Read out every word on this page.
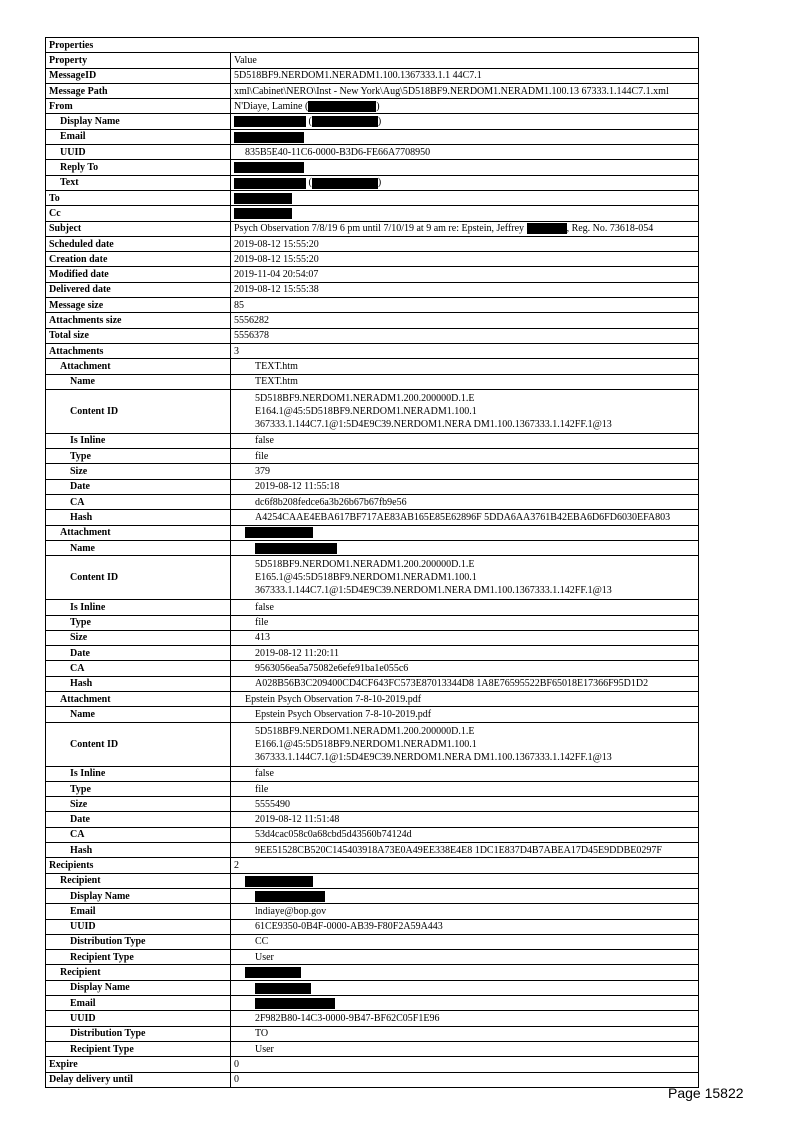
Properties	
Property	Value
MessageID	5D518BF9.NERDOM1.NERADM1.100.1367333.1.1 44C7.1
Message Path	xml\Cabinet\NERO\Inst - New York\Aug\5D518BF9.NERDOM1.NERADM1.100.13 67333.1.144C7.1.xml
From	N'Diaye, Lamine ( )
Display Name	( )
Email	
UUID	835B5E40-11C6-0000-B3D6-FE66A7708950
Reply To	
Text	( )
To	
Cc	
Subject	Psych Observation 7/8/19 6 pm until 7/10/19 at 9 am re: Epstein, Jeffrey , Reg. No. 73618-054
Scheduled date	2019-08-12 15:55:20
Creation date	2019-08-12 15:55:20
Modified date	2019-11-04 20:54:07
Delivered date	2019-08-12 15:55:38
Message size	85
Attachments size	5556282
Total size	5556378
Attachments	3
Attachment	TEXT.htm
Name	TEXT.htm
Content ID	5D518BF9.NERDOM1.NERADM1.200.200000D.1.E
E164.1@45:5D518BF9.NERDOM1.NERADM1.100.1
367333.1.144C7.1@1:5D4E9C39.NERDOM1.NERA DM1.100.1367333.1.142FF.1@13

Is Inline	false
Type	file
Size	379
Date	2019-08-12 11:55:18
CA	dc6f8b208fedce6a3b26b67b67fb9e56
Hash	A4254CAAE4EBA617BF717AE83AB165E85E62896F 5DDA6AA3761B42EBA6D6FD6030EFA803
Attachment	
Name	
Content ID	5D518BF9.NERDOM1.NERADM1.200.200000D.1.E
E165.1@45:5D518BF9.NERDOM1.NERADM1.100.1
367333.1.144C7.1@1:5D4E9C39.NERDOM1.NERA DM1.100.1367333.1.142FF.1@13

Is Inline	false
Type	file
Size	413
Date	2019-08-12 11:20:11
CA	9563056ea5a75082e6efe91ba1e055c6
Hash	A028B56B3C209400CD4CF643FC573E87013344D8 1A8E76595522BF65018E17366F95D1D2
Attachment	Epstein Psych Observation 7-8-10-2019.pdf
Name	Epstein Psych Observation 7-8-10-2019.pdf
Content ID	5D518BF9.NERDOM1.NERADM1.200.200000D.1.E
E166.1@45:5D518BF9.NERDOM1.NERADM1.100.1
367333.1.144C7.1@1:5D4E9C39.NERDOM1.NERA DM1.100.1367333.1.142FF.1@13

Is Inline	false
Type	file
Size	5555490
Date	2019-08-12 11:51:48
CA	53d4cac058c0a68cbd5d43560b74124d
Hash	9EE51528CB520C145403918A73E0A49EE338E4E8 1DC1E837D4B7ABEA17D45E9DDBE0297F
Recipients	2
Recipient	
Display Name	
Email	lndiaye@bop.gov
UUID	61CE9350-0B4F-0000-AB39-F80F2A59A443
Distribution Type	CC
Recipient Type	User
Recipient	
Display Name	
Email	
UUID	2F982B80-14C3-0000-9B47-BF62C05F1E96
Distribution Type	TO
Recipient Type	User
Expire	0
Delay delivery until	0
Page 15822
